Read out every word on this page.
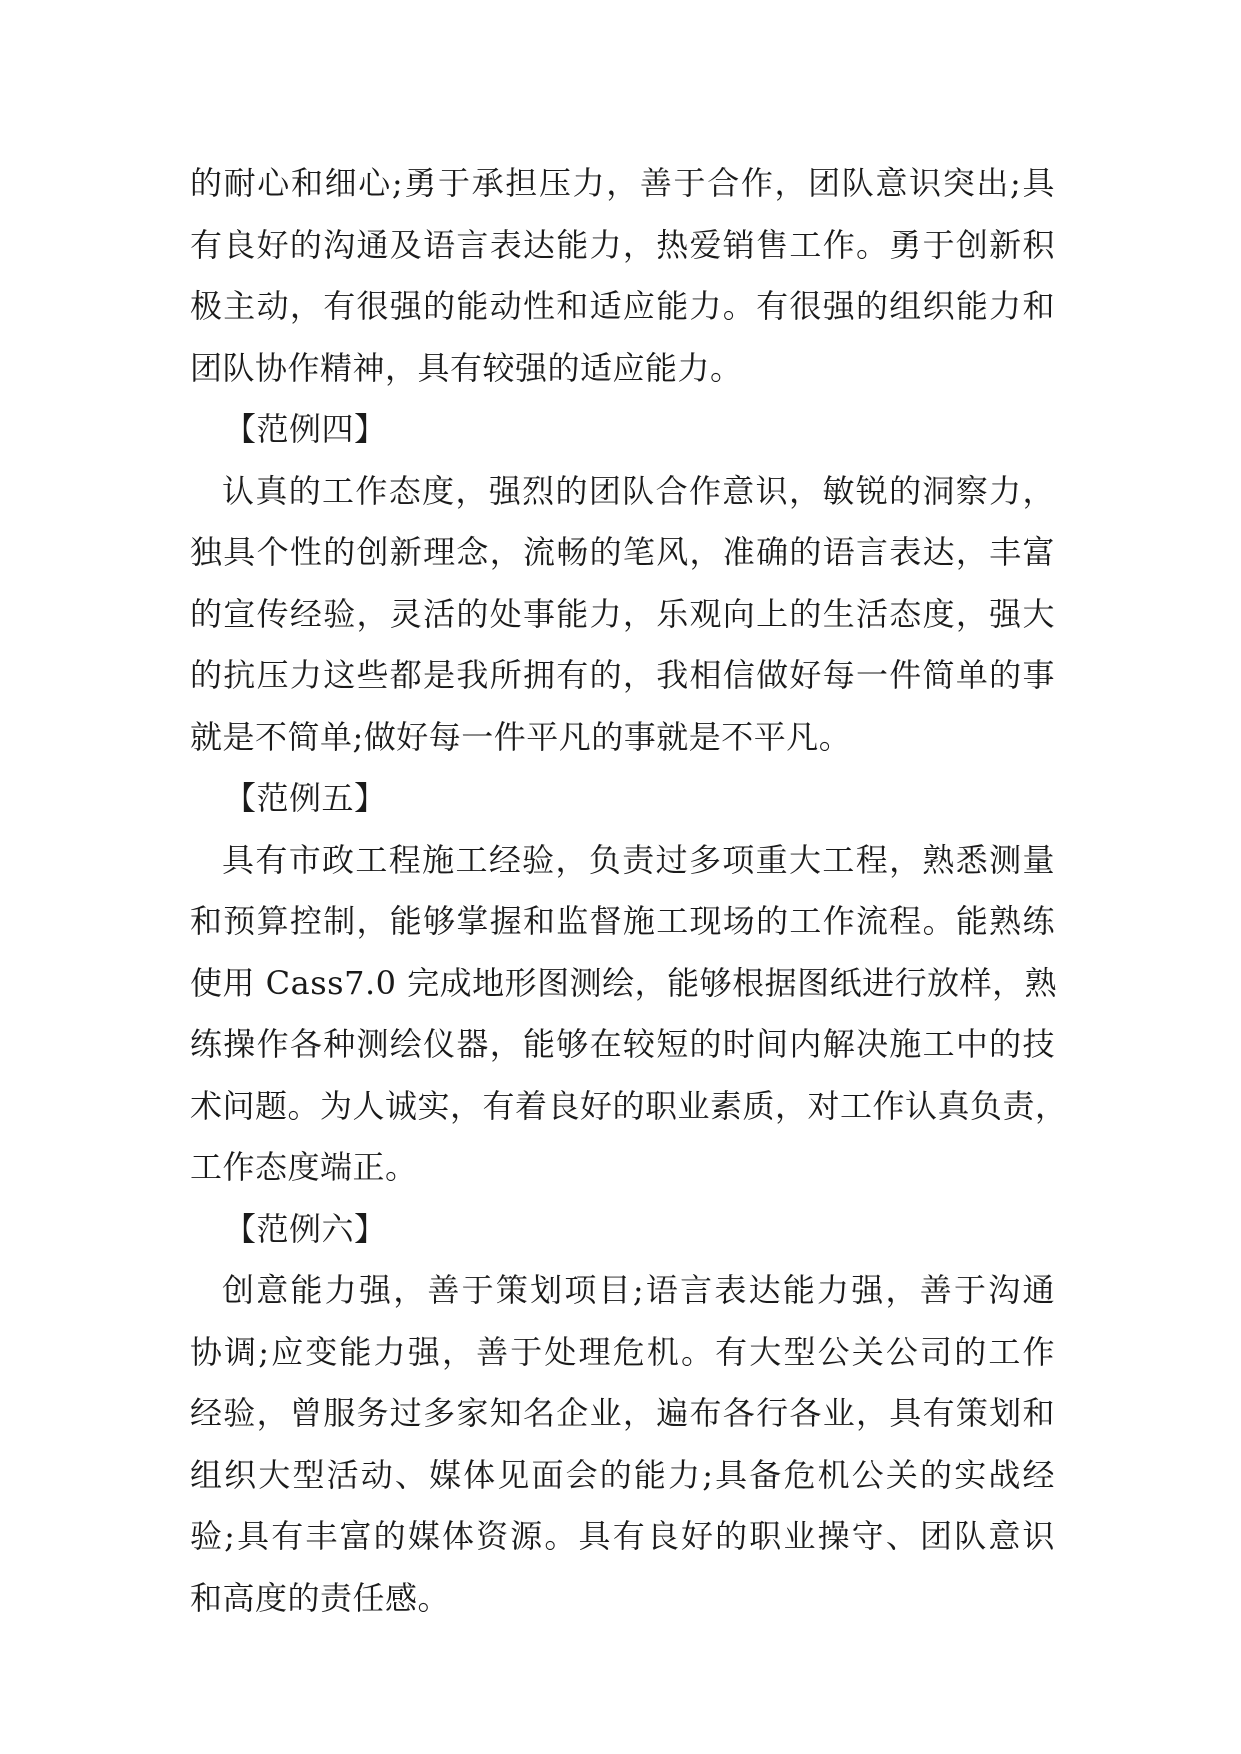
的耐心和细心;勇于承担压力，善于合作，团队意识突出;具
有良好的沟通及语言表达能力，热爱销售工作。勇于创新积
极主动，有很强的能动性和适应能力。有很强的组织能力和
团队协作精神，具有较强的适应能力。
【范例四】
认真的工作态度，强烈的团队合作意识，敏锐的洞察力，
独具个性的创新理念，流畅的笔风，准确的语言表达，丰富
的宣传经验，灵活的处事能力，乐观向上的生活态度，强大
的抗压力这些都是我所拥有的，我相信做好每一件简单的事
就是不简单;做好每一件平凡的事就是不平凡。
【范例五】
具有市政工程施工经验，负责过多项重大工程，熟悉测量
和预算控制，能够掌握和监督施工现场的工作流程。能熟练
使用 Cass7.0 完成地形图测绘，能够根据图纸进行放样，熟
练操作各种测绘仪器，能够在较短的时间内解决施工中的技
术问题。为人诚实，有着良好的职业素质，对工作认真负责，
工作态度端正。
【范例六】
创意能力强，善于策划项目;语言表达能力强，善于沟通
协调;应变能力强，善于处理危机。有大型公关公司的工作
经验，曾服务过多家知名企业，遍布各行各业，具有策划和
组织大型活动、媒体见面会的能力;具备危机公关的实战经
验;具有丰富的媒体资源。具有良好的职业操守、团队意识
和高度的责任感。
